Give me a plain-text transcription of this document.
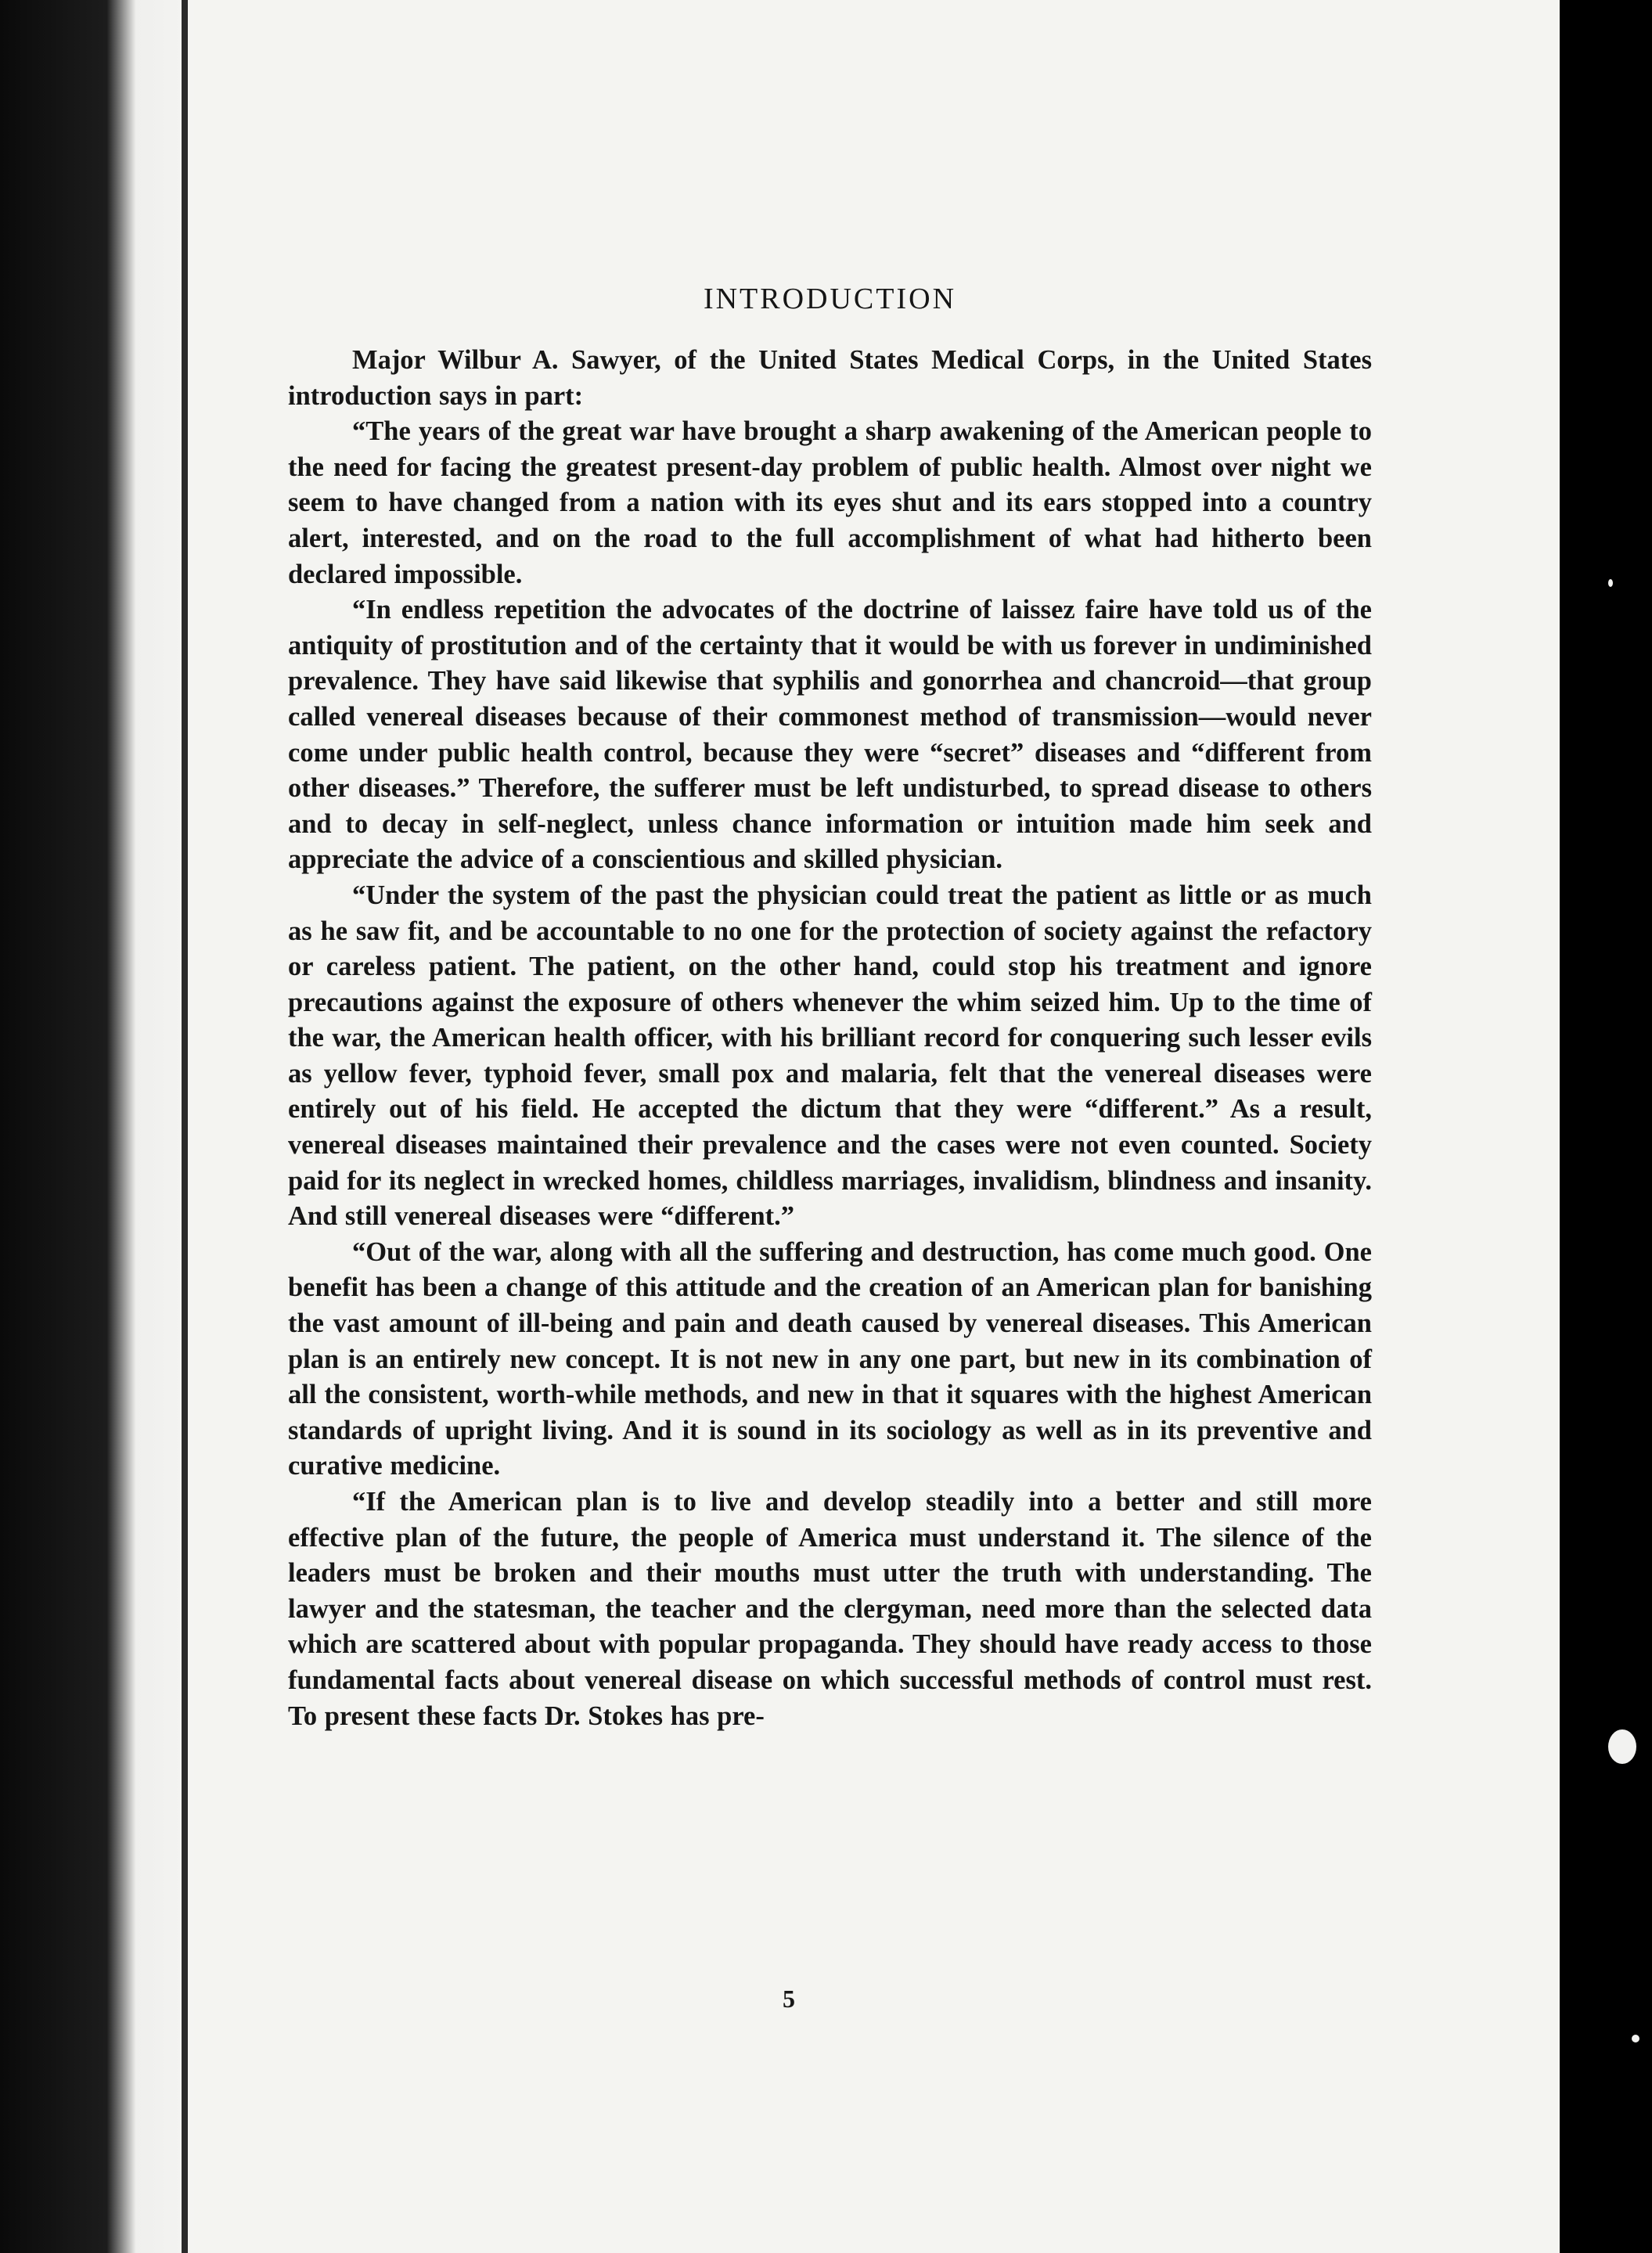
INTRODUCTION

Major Wilbur A. Sawyer, of the United States Medical Corps, in the United States introduction says in part:

“The years of the great war have brought a sharp awakening of the American people to the need for facing the greatest present-day problem of public health. Almost over night we seem to have changed from a nation with its eyes shut and its ears stopped into a country alert, interested, and on the road to the full accomplishment of what had hitherto been declared impossible.

“In endless repetition the advocates of the doctrine of laissez faire have told us of the antiquity of prostitution and of the certainty that it would be with us forever in undiminished prevalence. They have said likewise that syphilis and gonorrhea and chancroid—that group called venereal diseases because of their commonest method of transmission—would never come under public health control, because they were “secret” diseases and “different from other diseases.” Therefore, the sufferer must be left undisturbed, to spread disease to others and to decay in self-neglect, unless chance information or intuition made him seek and appreciate the advice of a conscientious and skilled physician.

“Under the system of the past the physician could treat the patient as little or as much as he saw fit, and be accountable to no one for the protection of society against the refactory or careless patient. The patient, on the other hand, could stop his treatment and ignore precautions against the exposure of others whenever the whim seized him. Up to the time of the war, the American health officer, with his brilliant record for conquering such lesser evils as yellow fever, typhoid fever, small pox and malaria, felt that the venereal diseases were entirely out of his field. He accepted the dictum that they were “different.” As a result, venereal diseases maintained their prevalence and the cases were not even counted. Society paid for its neglect in wrecked homes, childless marriages, invalidism, blindness and insanity. And still venereal diseases were “different.”

“Out of the war, along with all the suffering and destruction, has come much good. One benefit has been a change of this attitude and the creation of an American plan for banishing the vast amount of ill-being and pain and death caused by venereal diseases. This American plan is an entirely new concept. It is not new in any one part, but new in its combination of all the consistent, worth-while methods, and new in that it squares with the highest American standards of upright living. And it is sound in its sociology as well as in its preventive and curative medicine.

“If the American plan is to live and develop steadily into a better and still more effective plan of the future, the people of America must understand it. The silence of the leaders must be broken and their mouths must utter the truth with understanding. The lawyer and the statesman, the teacher and the clergyman, need more than the selected data which are scattered about with popular propaganda. They should have ready access to those fundamental facts about venereal disease on which successful methods of control must rest. To present these facts Dr. Stokes has pre-

5
